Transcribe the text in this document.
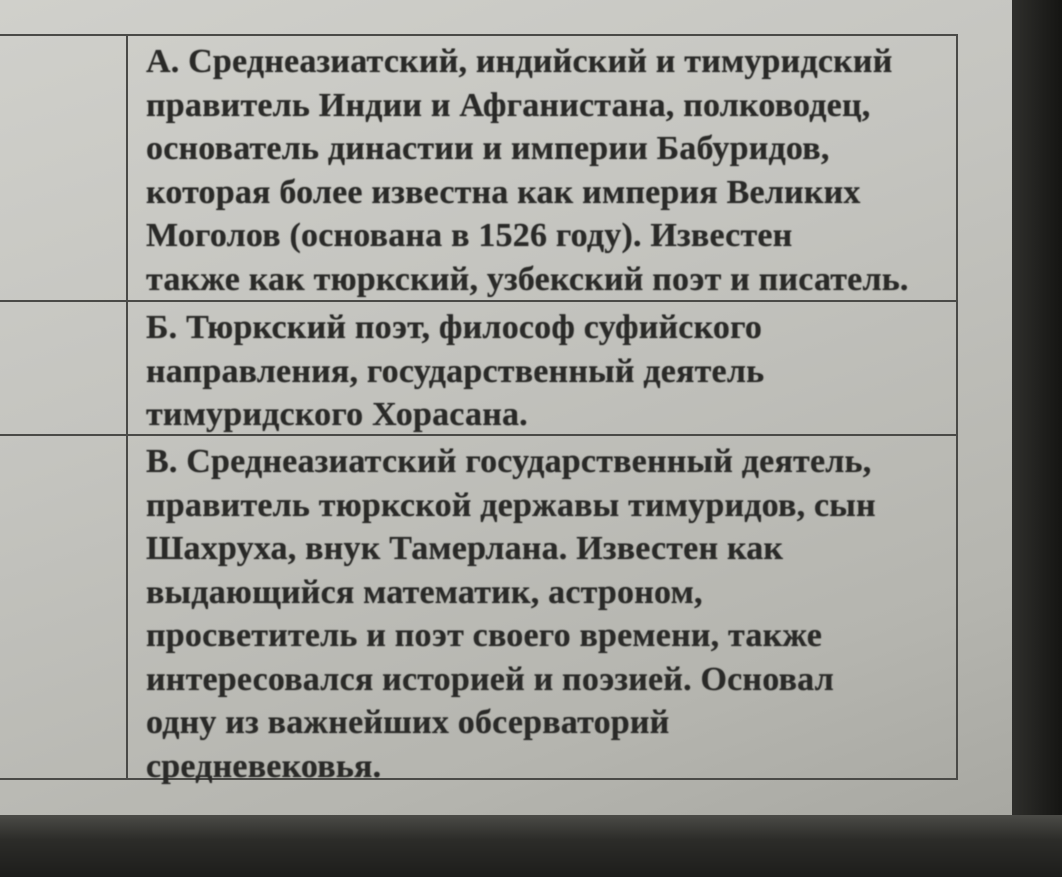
А. Среднеазиатский, индийский и тимуридский
правитель Индии и Афганистана, полководец,
основатель династии и империи Бабуридов,
которая более известна как империя Великих
Моголов (основана в 1526 году). Известен
также как тюркский, узбекский поэт и писатель.
Б. Тюркский поэт, философ суфийского
направления, государственный деятель
тимуридского Хорасана.
В. Среднеазиатский государственный деятель,
правитель тюркской державы тимуридов, сын
Шахруха, внук Тамерлана. Известен как
выдающийся математик, астроном,
просветитель и поэт своего времени, также
интересовался историей и поэзией. Основал
одну из важнейших обсерваторий
средневековья.
